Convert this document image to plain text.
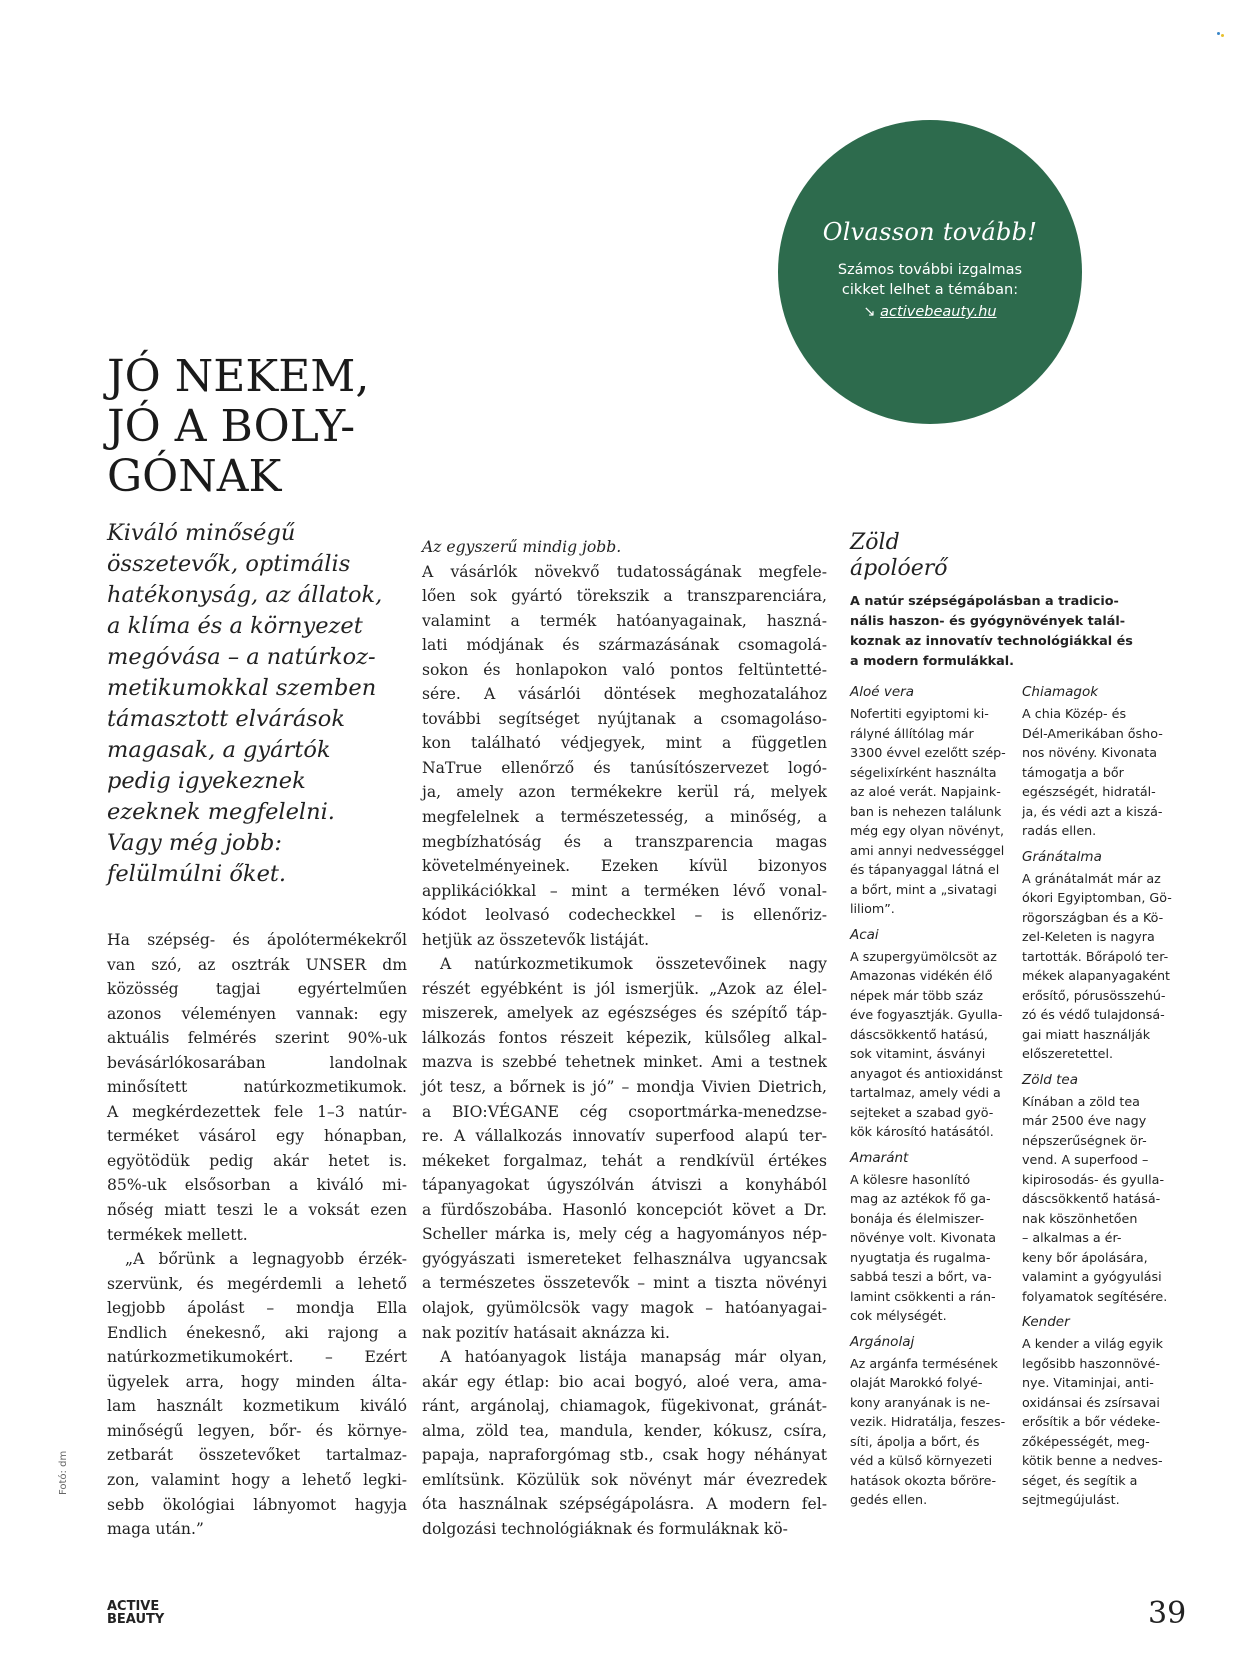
Olvasson tovább!
Számos további izgalmas
cikket lelhet a témában:
↘ activebeauty.hu
JÓ NEKEM,
JÓ A BOLY-
GÓNAK
Kiváló minőségű
összetevők, optimális
hatékonyság, az állatok,
a klíma és a környezet
megóvása – a natúrkoz-
metikumokkal szemben
támasztott elvárások
magasak, a gyártók
pedig igyekeznek
ezeknek megfelelni.
Vagy még jobb:
felülmúlni őket.
Ha szépség- és ápolótermékekről
van szó, az osztrák UNSER dm
közösség tagjai egyértelműen
azonos véleményen vannak: egy
aktuális felmérés szerint 90%-uk
bevásárlókosarában landolnak
minősített natúrkozmetikumok.
A megkérdezettek fele 1–3 natúr-
terméket vásárol egy hónapban,
egyötödük pedig akár hetet is.
85%-uk elsősorban a kiváló mi-
nőség miatt teszi le a voksát ezen
termékek mellett.
„A bőrünk a legnagyobb érzék-
szervünk, és megérdemli a lehető
legjobb ápolást – mondja Ella
Endlich énekesnő, aki rajong a
natúrkozmetikumokért. – Ezért
ügyelek arra, hogy minden álta-
lam használt kozmetikum kiváló
minőségű legyen, bőr- és környe-
zetbarát összetevőket tartalmaz-
zon, valamint hogy a lehető legki-
sebb ökológiai lábnyomot hagyja
maga után.”
Az egyszerű mindig jobb.
A vásárlók növekvő tudatosságának megfele-
lően sok gyártó törekszik a transzparenciára,
valamint a termék hatóanyagainak, haszná-
lati módjának és származásának csomagolá-
sokon és honlapokon való pontos feltüntetté-
sére. A vásárlói döntések meghozatalához
további segítséget nyújtanak a csomagoláso-
kon található védjegyek, mint a független
NaTrue ellenőrző és tanúsítószervezet logó-
ja, amely azon termékekre kerül rá, melyek
megfelelnek a természetesség, a minőség, a
megbízhatóság és a transzparencia magas
követelményeinek. Ezeken kívül bizonyos
applikációkkal – mint a terméken lévő vonal-
kódot leolvasó codecheckkel – is ellenőriz-
hetjük az összetevők listáját.
A natúrkozmetikumok összetevőinek nagy
részét egyébként is jól ismerjük. „Azok az élel-
miszerek, amelyek az egészséges és szépítő táp-
lálkozás fontos részeit képezik, külsőleg alkal-
mazva is szebbé tehetnek minket. Ami a testnek
jót tesz, a bőrnek is jó” – mondja Vivien Dietrich,
a BIO:VÉGANE cég csoportmárka-menedzse-
re. A vállalkozás innovatív superfood alapú ter-
mékeket forgalmaz, tehát a rendkívül értékes
tápanyagokat úgyszólván átviszi a konyhából
a fürdőszobába. Hasonló koncepciót követ a Dr.
Scheller márka is, mely cég a hagyományos nép-
gyógyászati ismereteket felhasználva ugyancsak
a természetes összetevők – mint a tiszta növényi
olajok, gyümölcsök vagy magok – hatóanyagai-
nak pozitív hatásait aknázza ki.
A hatóanyagok listája manapság már olyan,
akár egy étlap: bio acai bogyó, aloé vera, ama-
ránt, argánolaj, chiamagok, fügekivonat, gránát-
alma, zöld tea, mandula, kender, kókusz, csíra,
papaja, napraforgómag stb., csak hogy néhányat
említsünk. Közülük sok növényt már évezredek
óta használnak szépségápolásra. A modern fel-
dolgozási technológiáknak és formuláknak kö-
Zöld
ápolóerő
A natúr szépségápolásban a tradicio-
nális haszon- és gyógynövények talál-
koznak az innovatív technológiákkal és
a modern formulákkal.
Aloé vera
Nofertiti egyiptomi ki-
rályné állítólag már
3300 évvel ezelőtt szép-
ségelixírként használta
az aloé verát. Napjaink-
ban is nehezen találunk
még egy olyan növényt,
ami annyi nedvességgel
és tápanyaggal látná el
a bőrt, mint a „sivatagi
liliom”.
Acai
A szupergyümölcsöt az
Amazonas vidékén élő
népek már több száz
éve fogyasztják. Gyulla-
dáscsökkentő hatású,
sok vitamint, ásványi
anyagot és antioxidánst
tartalmaz, amely védi a
sejteket a szabad gyö-
kök károsító hatásától.
Amaránt
A kölesre hasonlító
mag az aztékok fő ga-
bonája és élelmiszer-
növénye volt. Kivonata
nyugtatja és rugalma-
sabbá teszi a bőrt, va-
lamint csökkenti a rán-
cok mélységét.
Argánolaj
Az argánfa termésének
olaját Marokkó folyé-
kony aranyának is ne-
vezik. Hidratálja, feszes-
síti, ápolja a bőrt, és
véd a külső környezeti
hatások okozta bőröre-
gedés ellen.
Chiamagok
A chia Közép- és
Dél-Amerikában ősho-
nos növény. Kivonata
támogatja a bőr
egészségét, hidratál-
ja, és védi azt a kiszá-
radás ellen.
Gránátalma
A gránátalmát már az
ókori Egyiptomban, Gö-
rögországban és a Kö-
zel-Keleten is nagyra
tartották. Bőrápoló ter-
mékek alapanyagaként
erősítő, pórusösszehú-
zó és védő tulajdonsá-
gai miatt használják
előszeretettel.
Zöld tea
Kínában a zöld tea
már 2500 éve nagy
népszerűségnek ör-
vend. A superfood –
kipirosodás- és gyulla-
dáscsökkentő hatásá-
nak köszönhetően
– alkalmas a ér-
keny bőr ápolására,
valamint a gyógyulási
folyamatok segítésére.
Kender
A kender a világ egyik
legősibb haszonnövé-
nye. Vitaminjai, anti-
oxidánsai és zsírsavai
erősítik a bőr védeke-
zőképességét, meg-
kötik benne a nedves-
séget, és segítik a
sejtmegújulást.
Fotó: dm
ACTIVE
BEAUTY	39
